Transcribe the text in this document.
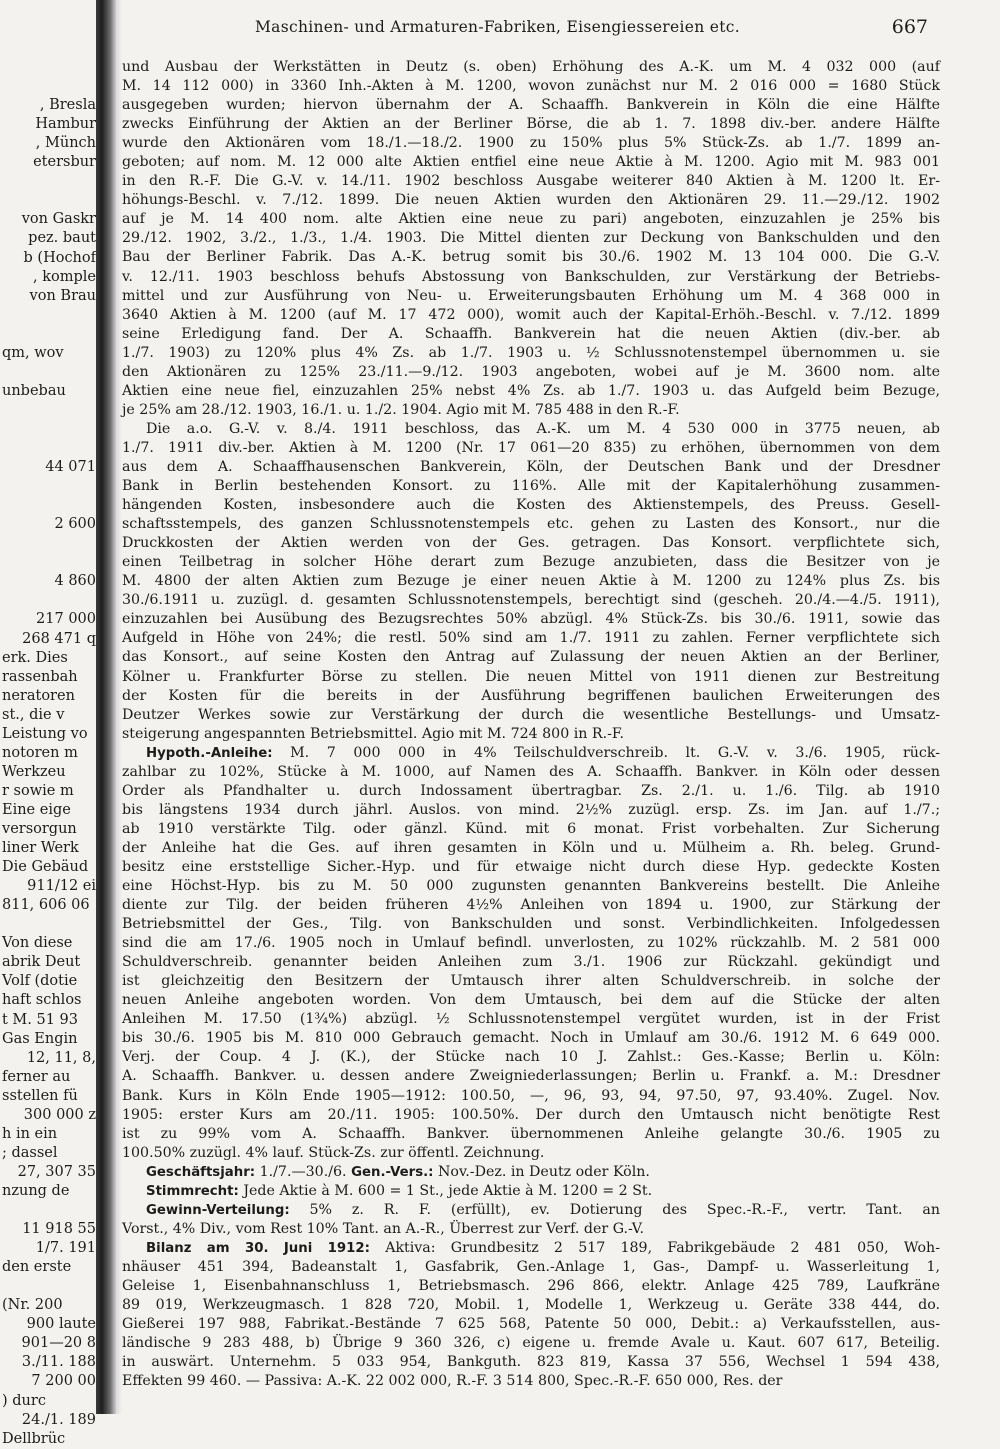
, Bresla
Hambur
, Münch
etersbur
von Gaskr
pez. baut
b (Hochof
, komple
von Brau
qm, wov
unbebau
44 071
2 600
4 860
217 000
268 471 q
erk. Dies
rassenbah
neratoren
st., die v
Leistung vo
notoren m
Werkzeu
r sowie m
Eine eige
versorgun
liner Werk
Die Gebäud
911/12 ei
811, 606 06
Von diese
abrik Deut
Volf (dotie
haft schlos
t M. 51 93
Gas Engin
12, 11, 8,
ferner au
sstellen fü
300 000 z
h in ein
; dassel
27, 307 35
nzung de
11 918 55
1/7. 191
den erste
(Nr. 200
900 laute
901—20 8
3./11. 188
7 200 00
) durc
24./1. 189
Dellbrüc
Maschinen- und Armaturen-Fabriken, Eisengiessereien etc.	667
und Ausbau der Werkstätten in Deutz (s. oben) Erhöhung des A.-K. um M. 4 032 000 (auf
M. 14 112 000) in 3360 Inh.-Akten à M. 1200, wovon zunächst nur M. 2 016 000 = 1680 Stück
ausgegeben wurden; hiervon übernahm der A. Schaaffh. Bankverein in Köln die eine Hälfte
zwecks Einführung der Aktien an der Berliner Börse, die ab 1. 7. 1898 div.-ber. andere Hälfte
wurde den Aktionären vom 18./1.—18./2. 1900 zu 150% plus 5% Stück-Zs. ab 1./7. 1899 an-
geboten; auf nom. M. 12 000 alte Aktien entfiel eine neue Aktie à M. 1200. Agio mit M. 983 001
in den R.-F. Die G.-V. v. 14./11. 1902 beschloss Ausgabe weiterer 840 Aktien à M. 1200 lt. Er-
höhungs-Beschl. v. 7./12. 1899. Die neuen Aktien wurden den Aktionären 29. 11.—29./12. 1902
auf je M. 14 400 nom. alte Aktien eine neue zu pari) angeboten, einzuzahlen je 25% bis
29./12. 1902, 3./2., 1./3., 1./4. 1903. Die Mittel dienten zur Deckung von Bankschulden und den
Bau der Berliner Fabrik. Das A.-K. betrug somit bis 30./6. 1902 M. 13 104 000. Die G.-V.
v. 12./11. 1903 beschloss behufs Abstossung von Bankschulden, zur Verstärkung der Betriebs-
mittel und zur Ausführung von Neu- u. Erweiterungsbauten Erhöhung um M. 4 368 000 in
3640 Aktien à M. 1200 (auf M. 17 472 000), womit auch der Kapital-Erhöh.-Beschl. v. 7./12. 1899
seine Erledigung fand. Der A. Schaaffh. Bankverein hat die neuen Aktien (div.-ber. ab
1./7. 1903) zu 120% plus 4% Zs. ab 1./7. 1903 u. ½ Schlussnotenstempel übernommen u. sie
den Aktionären zu 125% 23./11.—9./12. 1903 angeboten, wobei auf je M. 3600 nom. alte
Aktien eine neue fiel, einzuzahlen 25% nebst 4% Zs. ab 1./7. 1903 u. das Aufgeld beim Bezuge,
je 25% am 28./12. 1903, 16./1. u. 1./2. 1904. Agio mit M. 785 488 in den R.-F.
Die a.o. G.-V. v. 8./4. 1911 beschloss, das A.-K. um M. 4 530 000 in 3775 neuen, ab
1./7. 1911 div.-ber. Aktien à M. 1200 (Nr. 17 061—20 835) zu erhöhen, übernommen von dem
aus dem A. Schaaffhausenschen Bankverein, Köln, der Deutschen Bank und der Dresdner
Bank in Berlin bestehenden Konsort. zu 116%. Alle mit der Kapitalerhöhung zusammen-
hängenden Kosten, insbesondere auch die Kosten des Aktienstempels, des Preuss. Gesell-
schaftsstempels, des ganzen Schlussnotenstempels etc. gehen zu Lasten des Konsort., nur die
Druckkosten der Aktien werden von der Ges. getragen. Das Konsort. verpflichtete sich,
einen Teilbetrag in solcher Höhe derart zum Bezuge anzubieten, dass die Besitzer von je
M. 4800 der alten Aktien zum Bezuge je einer neuen Aktie à M. 1200 zu 124% plus Zs. bis
30./6.1911 u. zuzügl. d. gesamten Schlussnotenstempels, berechtigt sind (gescheh. 20./4.—4./5. 1911),
einzuzahlen bei Ausübung des Bezugsrechtes 50% abzügl. 4% Stück-Zs. bis 30./6. 1911, sowie das
Aufgeld in Höhe von 24%; die restl. 50% sind am 1./7. 1911 zu zahlen. Ferner verpflichtete sich
das Konsort., auf seine Kosten den Antrag auf Zulassung der neuen Aktien an der Berliner,
Kölner u. Frankfurter Börse zu stellen. Die neuen Mittel von 1911 dienen zur Bestreitung
der Kosten für die bereits in der Ausführung begriffenen baulichen Erweiterungen des
Deutzer Werkes sowie zur Verstärkung der durch die wesentliche Bestellungs- und Umsatz-
steigerung angespannten Betriebsmittel. Agio mit M. 724 800 in R.-F.
Hypoth.-Anleihe: M. 7 000 000 in 4% Teilschuldverschreib. lt. G.-V. v. 3./6. 1905, rück-
zahlbar zu 102%, Stücke à M. 1000, auf Namen des A. Schaaffh. Bankver. in Köln oder dessen
Order als Pfandhalter u. durch Indossament übertragbar. Zs. 2./1. u. 1./6. Tilg. ab 1910
bis längstens 1934 durch jährl. Auslos. von mind. 2½% zuzügl. ersp. Zs. im Jan. auf 1./7.;
ab 1910 verstärkte Tilg. oder gänzl. Künd. mit 6 monat. Frist vorbehalten. Zur Sicherung
der Anleihe hat die Ges. auf ihren gesamten in Köln und u. Mülheim a. Rh. beleg. Grund-
besitz eine erststellige Sicher.-Hyp. und für etwaige nicht durch diese Hyp. gedeckte Kosten
eine Höchst-Hyp. bis zu M. 50 000 zugunsten genannten Bankvereins bestellt. Die Anleihe
diente zur Tilg. der beiden früheren 4½% Anleihen von 1894 u. 1900, zur Stärkung der
Betriebsmittel der Ges., Tilg. von Bankschulden und sonst. Verbindlichkeiten. Infolgedessen
sind die am 17./6. 1905 noch in Umlauf befindl. unverlosten, zu 102% rückzahlb. M. 2 581 000
Schuldverschreib. genannter beiden Anleihen zum 3./1. 1906 zur Rückzahl. gekündigt und
ist gleichzeitig den Besitzern der Umtausch ihrer alten Schuldverschreib. in solche der
neuen Anleihe angeboten worden. Von dem Umtausch, bei dem auf die Stücke der alten
Anleihen M. 17.50 (1¾%) abzügl. ½ Schlussnotenstempel vergütet wurden, ist in der Frist
bis 30./6. 1905 bis M. 810 000 Gebrauch gemacht. Noch in Umlauf am 30./6. 1912 M. 6 649 000.
Verj. der Coup. 4 J. (K.), der Stücke nach 10 J. Zahlst.: Ges.-Kasse; Berlin u. Köln:
A. Schaaffh. Bankver. u. dessen andere Zweigniederlassungen; Berlin u. Frankf. a. M.: Dresdner
Bank. Kurs in Köln Ende 1905—1912: 100.50, —, 96, 93, 94, 97.50, 97, 93.40%. Zugel. Nov.
1905: erster Kurs am 20./11. 1905: 100.50%. Der durch den Umtausch nicht benötigte Rest
ist zu 99% vom A. Schaaffh. Bankver. übernommenen Anleihe gelangte 30./6. 1905 zu
100.50% zuzügl. 4% lauf. Stück-Zs. zur öffentl. Zeichnung.
Geschäftsjahr: 1./7.—30./6. Gen.-Vers.: Nov.-Dez. in Deutz oder Köln.
Stimmrecht: Jede Aktie à M. 600 = 1 St., jede Aktie à M. 1200 = 2 St.
Gewinn-Verteilung: 5% z. R. F. (erfüllt), ev. Dotierung des Spec.-R.-F., vertr. Tant. an
Vorst., 4% Div., vom Rest 10% Tant. an A.-R., Überrest zur Verf. der G.-V.
Bilanz am 30. Juni 1912: Aktiva: Grundbesitz 2 517 189, Fabrikgebäude 2 481 050, Woh-
nhäuser 451 394, Badeanstalt 1, Gasfabrik, Gen.-Anlage 1, Gas-, Dampf- u. Wasserleitung 1,
Geleise 1, Eisenbahnanschluss 1, Betriebsmasch. 296 866, elektr. Anlage 425 789, Laufkräne
89 019, Werkzeugmasch. 1 828 720, Mobil. 1, Modelle 1, Werkzeug u. Geräte 338 444, do.
Gießerei 197 988, Fabrikat.-Bestände 7 625 568, Patente 50 000, Debit.: a) Verkaufsstellen, aus-
ländische 9 283 488, b) Übrige 9 360 326, c) eigene u. fremde Avale u. Kaut. 607 617, Beteilig.
in auswärt. Unternehm. 5 033 954, Bankguth. 823 819, Kassa 37 556, Wechsel 1 594 438,
Effekten 99 460. — Passiva: A.-K. 22 002 000, R.-F. 3 514 800, Spec.-R.-F. 650 000, Res. der
